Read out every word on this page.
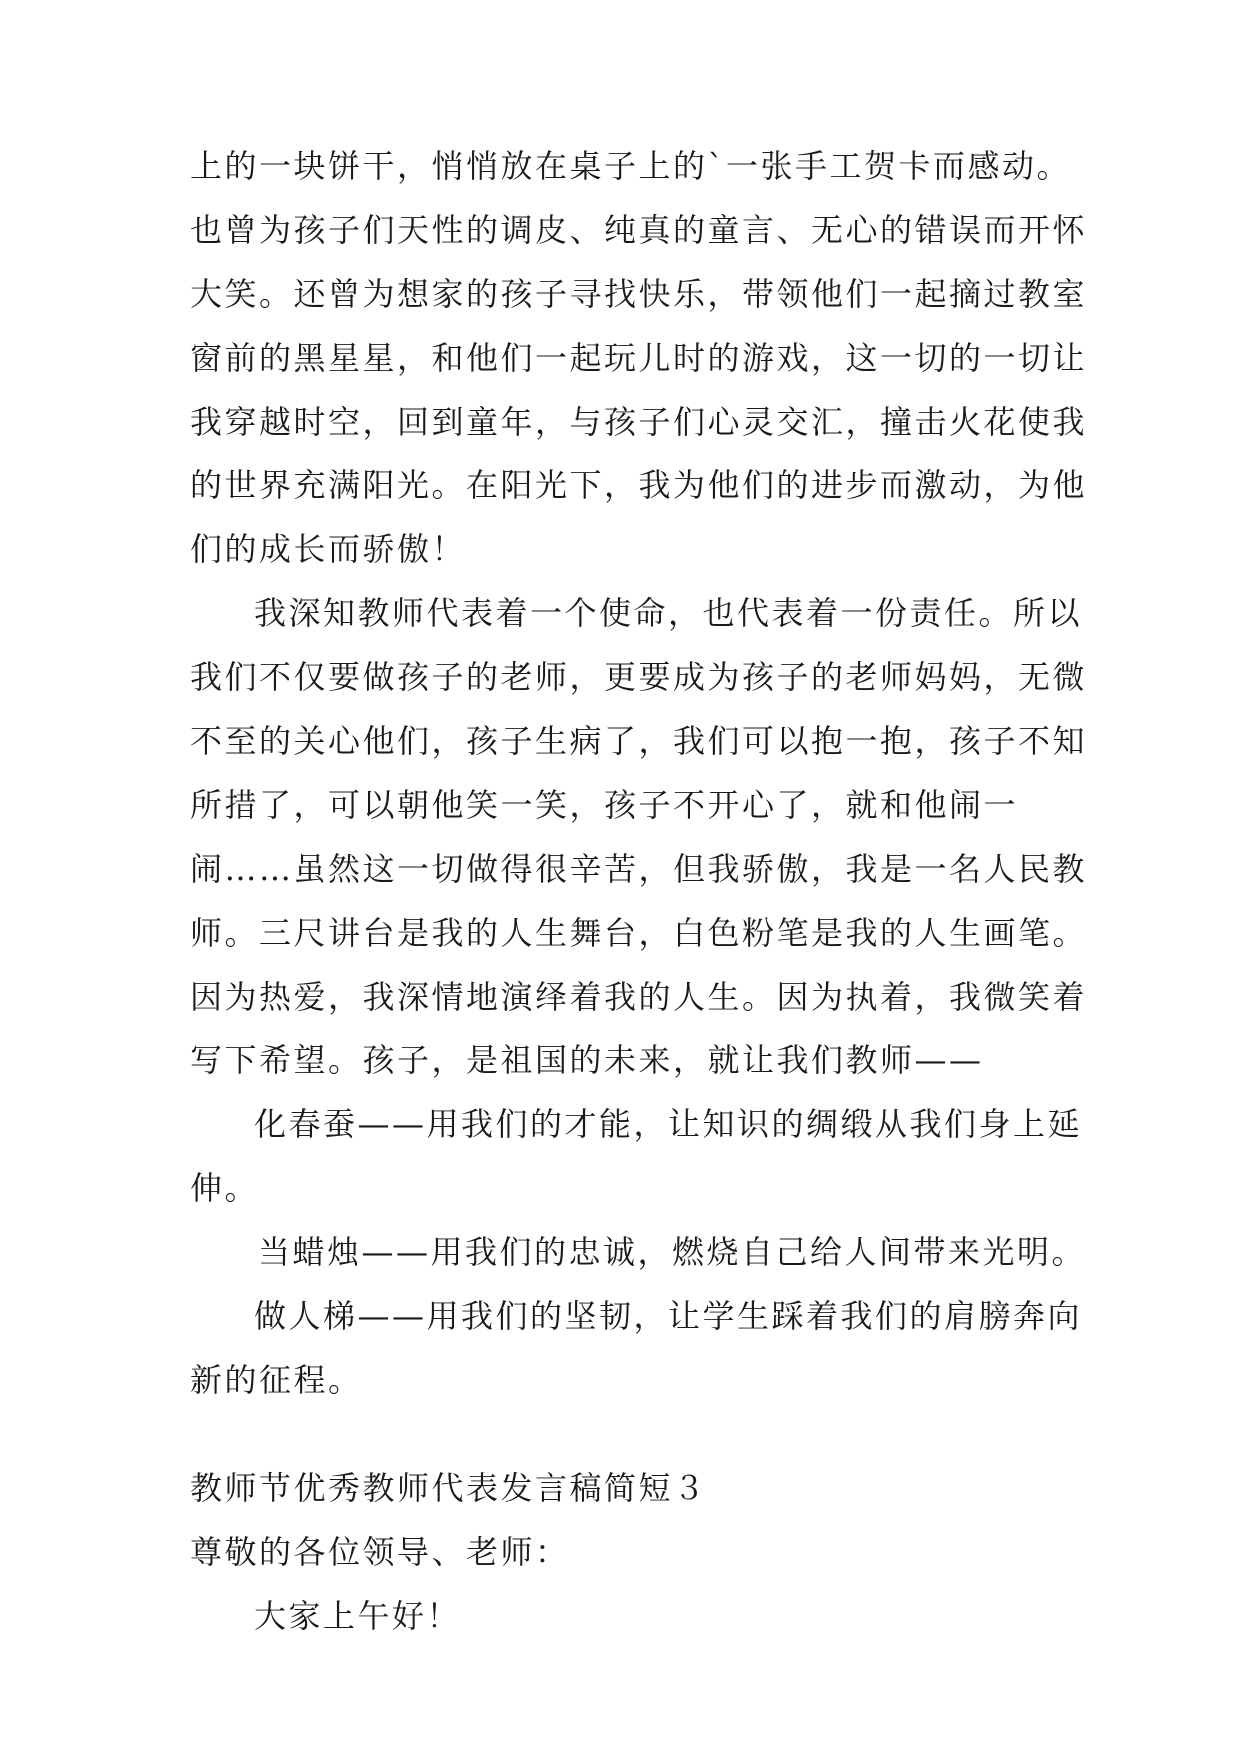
上的一块饼干，悄悄放在桌子上的`一张手工贺卡而感动。
也曾为孩子们天性的调皮、纯真的童言、无心的错误而开怀
大笑。还曾为想家的孩子寻找快乐，带领他们一起摘过教室
窗前的黑星星，和他们一起玩儿时的游戏，这一切的一切让
我穿越时空，回到童年，与孩子们心灵交汇，撞击火花使我
的世界充满阳光。在阳光下，我为他们的进步而激动，为他
们的成长而骄傲！
我深知教师代表着一个使命，也代表着一份责任。所以
我们不仅要做孩子的老师，更要成为孩子的老师妈妈，无微
不至的关心他们，孩子生病了，我们可以抱一抱，孩子不知
所措了，可以朝他笑一笑，孩子不开心了，就和他闹一
闹……虽然这一切做得很辛苦，但我骄傲，我是一名人民教
师。三尺讲台是我的人生舞台，白色粉笔是我的人生画笔。
因为热爱，我深情地演绎着我的人生。因为执着，我微笑着
写下希望。孩子，是祖国的未来，就让我们教师——
化春蚕——用我们的才能，让知识的绸缎从我们身上延
伸。
当蜡烛——用我们的忠诚，燃烧自己给人间带来光明。
做人梯——用我们的坚韧，让学生踩着我们的肩膀奔向
新的征程。
教师节优秀教师代表发言稿简短３
尊敬的各位领导、老师：
大家上午好！
